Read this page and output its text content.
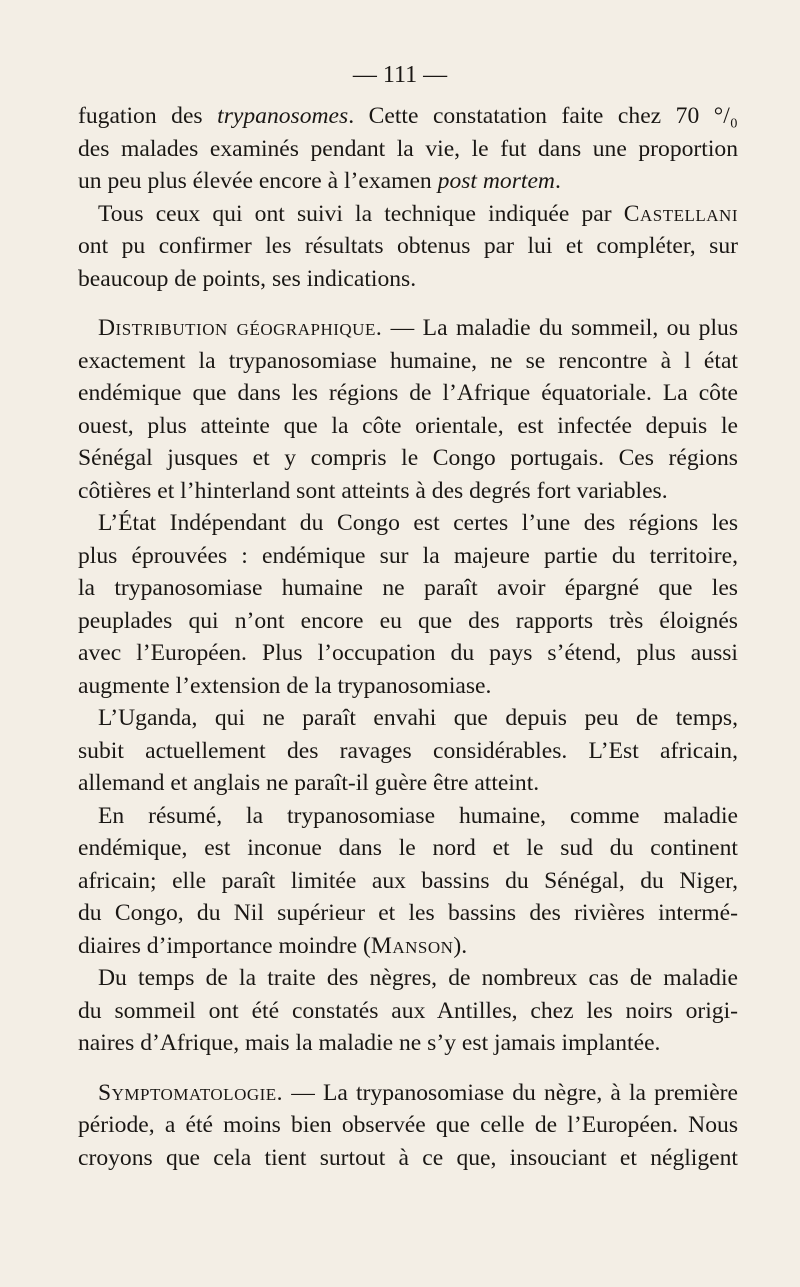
— 111 —
fugation des trypanosomes. Cette constatation faite chez 70 °/₀
des malades examinés pendant la vie, le fut dans une proportion
un peu plus élevée encore à l’examen post mortem.
Tous ceux qui ont suivi la technique indiquée par Castellani
ont pu confirmer les résultats obtenus par lui et compléter, sur
beaucoup de points, ses indications.
Distribution géographique. — La maladie du sommeil, ou plus
exactement la trypanosomiase humaine, ne se rencontre à l état
endémique que dans les régions de l’Afrique équatoriale. La côte
ouest, plus atteinte que la côte orientale, est infectée depuis le
Sénégal jusques et y compris le Congo portugais. Ces régions
côtières et l’hinterland sont atteints à des degrés fort variables.
L’État Indépendant du Congo est certes l’une des régions les
plus éprouvées : endémique sur la majeure partie du territoire,
la trypanosomiase humaine ne paraît avoir épargné que les
peuplades qui n’ont encore eu que des rapports très éloignés
avec l’Européen. Plus l’occupation du pays s’étend, plus aussi
augmente l’extension de la trypanosomiase.
L’Uganda, qui ne paraît envahi que depuis peu de temps,
subit actuellement des ravages considérables. L’Est africain,
allemand et anglais ne paraît-il guère être atteint.
En résumé, la trypanosomiase humaine, comme maladie
endémique, est inconue dans le nord et le sud du continent
africain; elle paraît limitée aux bassins du Sénégal, du Niger,
du Congo, du Nil supérieur et les bassins des rivières intermé-
diaires d’importance moindre (Manson).
Du temps de la traite des nègres, de nombreux cas de maladie
du sommeil ont été constatés aux Antilles, chez les noirs origi-
naires d’Afrique, mais la maladie ne s’y est jamais implantée.
Symptomatologie. — La trypanosomiase du nègre, à la première
période, a été moins bien observée que celle de l’Européen. Nous
croyons que cela tient surtout à ce que, insouciant et négligent
